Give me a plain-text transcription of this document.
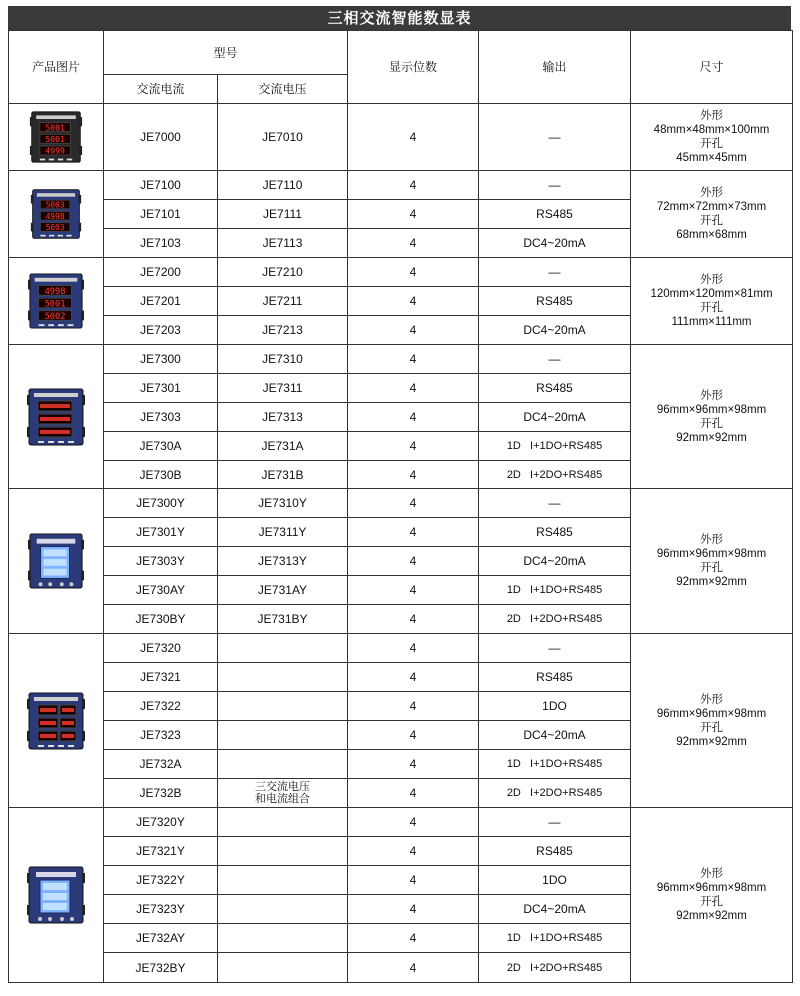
三相交流智能数显表
产品图片	型号		显示位数	输出	尺寸
	交流电流	交流电压			

5001
5001
4999	JE7000	JE7010	4	—	外形
48mm×48mm×100mm
开孔
45mm×45mm

5003
4998
5003	JE7100	JE7110	4	—	外形
72mm×72mm×73mm
开孔
68mm×68mm

	JE7101	JE7111	4	RS485	
	JE7103	JE7113	4	DC4~20mA	

4998
5001
5002	JE7200	JE7210	4	—	外形
120mm×120mm×81mm
开孔
111mm×111mm

	JE7201	JE7211	4	RS485	
	JE7203	JE7213	4	DC4~20mA	
	JE7300	JE7310	4	—	外形
96mm×96mm×98mm
开孔
92mm×92mm

	JE7301	JE7311	4	RS485	
	JE7303	JE7313	4	DC4~20mA	
	JE730A	JE731A	4	1D   I+1DO+RS485	
	JE730B	JE731B	4	2D   I+2DO+RS485	
	JE7300Y	JE7310Y	4	—	外形
96mm×96mm×98mm
开孔
92mm×92mm

	JE7301Y	JE7311Y	4	RS485	
	JE7303Y	JE7313Y	4	DC4~20mA	
	JE730AY	JE731AY	4	1D   I+1DO+RS485	
	JE730BY	JE731BY	4	2D   I+2DO+RS485	
	JE7320		4	—	外形
96mm×96mm×98mm
开孔
92mm×92mm

	JE7321		4	RS485	
	JE7322		4	1DO	
	JE7323		4	DC4~20mA	
	JE732A		4	1D   I+1DO+RS485	
	JE732B	三交流电压
和电流组合	4	2D   I+2DO+RS485	
	JE7320Y		4	—	外形
96mm×96mm×98mm
开孔
92mm×92mm

	JE7321Y		4	RS485	
	JE7322Y		4	1DO	
	JE7323Y		4	DC4~20mA	
	JE732AY		4	1D   I+1DO+RS485	
	JE732BY		4	2D   I+2DO+RS485	
